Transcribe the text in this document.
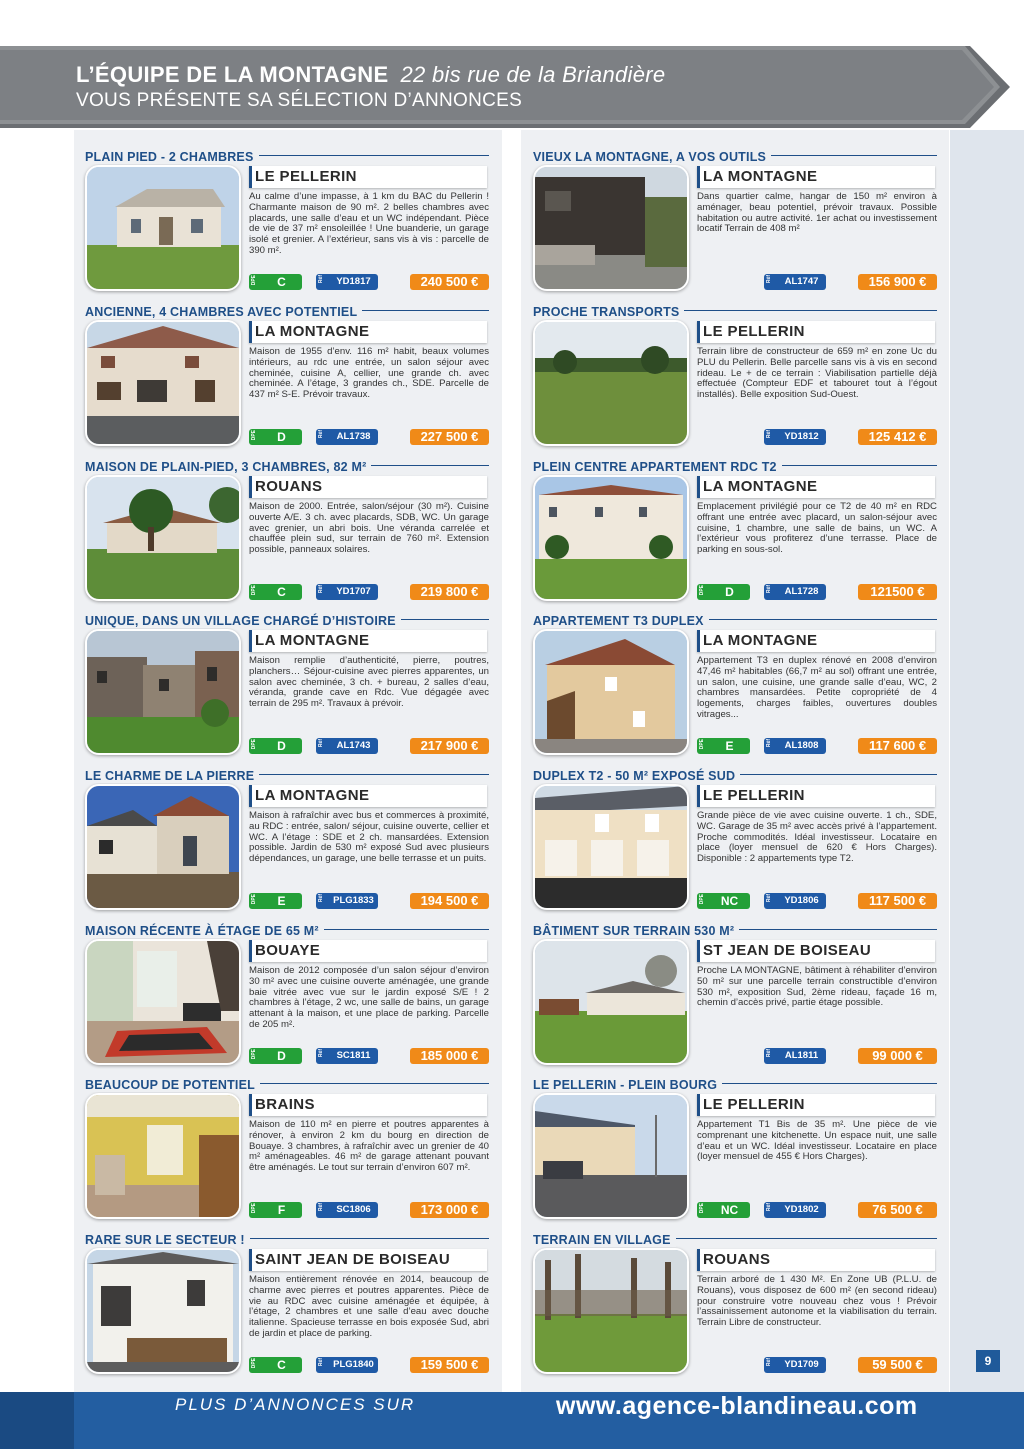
L’ÉQUIPE DE LA MONTAGNE 22 bis rue de la Briandière
VOUS PRÉSENTE SA SÉLECTION D’ANNONCES
9
PLAIN PIED - 2 CHAMBRES
LE PELLERIN
Au calme d’une impasse, à 1 km du BAC du Pellerin ! Charmante maison de 90 m². 2 belles chambres avec placards, une salle d’eau et un WC indépendant. Pièce de vie de 37 m² ensoleillée ! Une buanderie, un garage isolé et grenier. A l’extérieur, sans vis à vis : parcelle de 390 m².
DPE	C	Réf	YD1817	240 500 €
ANCIENNE, 4 CHAMBRES AVEC POTENTIEL
LA MONTAGNE
Maison de 1955 d’env. 116 m² habit, beaux volumes intérieurs, au rdc une entrée, un salon séjour avec cheminée, cuisine A, cellier, une grande ch. avec cheminée. A l’étage, 3 grandes ch., SDE. Parcelle de 437 m² S-E. Prévoir travaux.
DPE	D	Réf	AL1738	227 500 €
MAISON DE PLAIN-PIED, 3 CHAMBRES, 82 M²
ROUANS
Maison de 2000. Entrée, salon/séjour (30 m²). Cuisine ouverte A/E. 3 ch. avec placards, SDB, WC. Un garage avec grenier, un abri bois. Une véranda carrelée et chauffée plein sud, sur terrain de 760 m². Extension possible, panneaux solaires.
DPE	C	Réf	YD1707	219 800 €
UNIQUE, DANS UN VILLAGE CHARGÉ D’HISTOIRE
LA MONTAGNE
Maison remplie d’authenticité, pierre, poutres, planchers… Séjour-cuisine avec pierres apparentes, un salon avec cheminée, 3 ch. + bureau, 2 salles d’eau, véranda, grande cave en Rdc. Vue dégagée avec terrain de 295 m². Travaux à prévoir.
DPE	D	Réf	AL1743	217 900 €
LE CHARME DE LA PIERRE
LA MONTAGNE
Maison à rafraîchir avec bus et commerces à proximité, au RDC : entrée, salon/ séjour, cuisine ouverte, cellier et WC. A l’étage : SDE et 2 ch. mansardées. Extension possible. Jardin de 530 m² exposé Sud avec plusieurs dépendances, un garage, une belle terrasse et un puits.
DPE	E	Réf PLG1833	194 500 €
MAISON RÉCENTE À ÉTAGE DE 65 M²
BOUAYE
Maison de 2012 composée d’un salon séjour d’environ 30 m² avec une cuisine ouverte aménagée, une grande baie vitrée avec vue sur le jardin exposé S/E ! 2 chambres à l’étage, 2 wc, une salle de bains, un garage attenant à la maison, et une place de parking. Parcelle de 205 m².
DPE	D	Réf	SC1811	185 000 €
BEAUCOUP DE POTENTIEL
BRAINS
Maison de 110 m² en pierre et poutres apparentes à rénover, à environ 2 km du bourg en direction de Bouaye. 3 chambres, à rafraîchir avec un grenier de 40 m² aménageables. 46 m² de garage attenant pouvant être aménagés. Le tout sur terrain d’environ 607 m².
DPE	F	Réf	SC1806	173 000 €
RARE SUR LE SECTEUR !
SAINT JEAN DE BOISEAU
Maison entièrement rénovée en 2014, beaucoup de charme avec pierres et poutres apparentes. Pièce de vie au RDC avec cuisine aménagée et équipée, à l’étage, 2 chambres et une salle d’eau avec douche italienne. Spacieuse terrasse en bois exposée Sud, abri de jardin et place de parking.
DPE	C	Réf PLG1840	159 500 €
VIEUX LA MONTAGNE, A VOS OUTILS
LA MONTAGNE
Dans quartier calme, hangar de 150 m² environ à aménager, beau potentiel, prévoir travaux. Possible habitation ou autre activité. 1er achat ou investissement locatif Terrain de 408 m²
Réf	AL1747	156 900 €
PROCHE TRANSPORTS
LE PELLERIN
Terrain libre de constructeur de 659 m² en zone Uc du PLU du Pellerin. Belle parcelle sans vis à vis en second rideau. Le + de ce terrain : Viabilisation partielle déjà effectuée (Compteur EDF et tabouret tout à l’égout installés). Belle exposition Sud-Ouest.
Réf	YD1812	125 412 €
PLEIN CENTRE APPARTEMENT RDC T2
LA MONTAGNE
Emplacement privilégié pour ce T2 de 40 m² en RDC offrant une entrée avec placard, un salon-séjour avec cuisine, 1 chambre, une salle de bains, un WC. A l’extérieur vous profiterez d’une terrasse. Place de parking en sous-sol.
DPE	D	Réf	AL1728	121500 €
APPARTEMENT T3 DUPLEX
LA MONTAGNE
Appartement T3 en duplex rénové en 2008 d’environ 47,46 m² habitables (66,7 m² au sol) offrant une entrée, un salon, une cuisine, une grande salle d’eau, WC, 2 chambres mansardées. Petite copropriété de 4 logements, charges faibles, ouvertures doubles vitrages...
DPE	E	Réf	AL1808	117 600 €
DUPLEX T2 - 50 M² EXPOSÉ SUD
LE PELLERIN
Grande pièce de vie avec cuisine ouverte. 1 ch., SDE, WC. Garage de 35 m² avec accès privé à l’appartement. Proche commodités. Idéal investisseur. Locataire en place (loyer mensuel de 620 € Hors Charges). Disponible : 2 appartements type T2.
DPE	NC	Réf	YD1806	117 500 €
BÂTIMENT SUR TERRAIN 530 M²
ST JEAN DE BOISEAU
Proche LA MONTAGNE, bâtiment à réhabiliter d’environ 50 m² sur une parcelle terrain constructible d’environ 530 m², exposition Sud, 2ème rideau, façade 16 m, chemin d’accès privé, partie étage possible.
Réf	AL1811	99 000 €
LE PELLERIN - PLEIN BOURG
LE PELLERIN
Appartement T1 Bis de 35 m². Une pièce de vie comprenant une kitchenette. Un espace nuit, une salle d’eau et un WC. Idéal investisseur. Locataire en place (loyer mensuel de 455 € Hors Charges).
DPE	NC	Réf	YD1802	76 500 €
TERRAIN EN VILLAGE
ROUANS
Terrain arboré de 1 430 M². En Zone UB (P.L.U. de Rouans), vous disposez de 600 m² (en second rideau) pour construire votre nouveau chez vous ! Prévoir l’assainissement autonome et la viabilisation du terrain. Terrain Libre de constructeur.
Réf	YD1709	59 500 €
PLUS D’ANNONCES SUR	www.agence-blandineau.com
